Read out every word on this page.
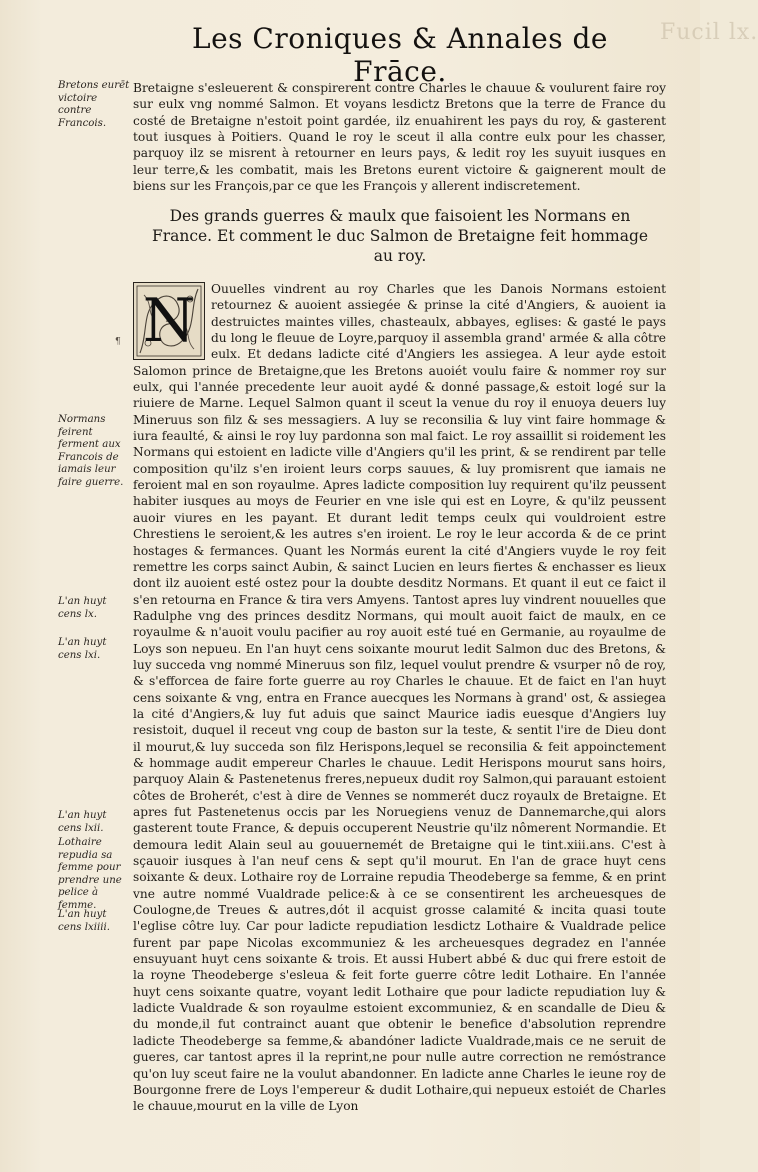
Fucil lx.
Les Croniques & Annales de Frāce.
Bretons eurēt victoire contre Francois.

Bretaigne s'esleuerent & conspirerent contre Charles le chauue & voulurent faire roy sur eulx vng nommé Salmon. Et voyans lesdictz Bretons que la terre de France du costé de Bretaigne n'estoit point gardée, ilz enuahirent les pays du roy, & gasterent tout iusques à Poitiers. Quand le roy le sceut il alla contre eulx pour les chasser, parquoy ilz se misrent à retourner en leurs pays, & ledit roy les suyuit iusques en leur terre,& les combatit, mais les Bretons eurent victoire & gaignerent moult de biens sur les François,par ce que les François y allerent indiscretement.

Des grands guerres & maulx que faisoient les Normans en France. Et comment le duc Salmon de Bretaigne feit hommage au roy.
N	Ouuelles vindrent au roy Charles que les Danois Normans estoient retournez & auoient assiegée & prinse la cité d'Angiers, & auoient ia destruictes maintes villes, chasteaulx, abbayes, eglises: & gasté le pays du long le fleuue de Loyre,parquoy il assembla grand' armée & alla côtre eulx. Et dedans ladicte cité d'Angiers les assiegea. A leur ayde estoit Salomon prince de Bretaigne,que les Bretons auoiét voulu faire & nommer roy sur eulx, qui l'année precedente leur auoit aydé & donné passage,& estoit logé sur la riuiere de Marne. Lequel Salmon quant il sceut la venue du roy il enuoya deuers luy Mineruus son filz & ses messagiers. A luy se reconsilia & luy vint faire hommage & iura feaulté, & ainsi le roy luy pardonna son mal faict. Le roy assaillit si roidement les Normans qui estoient en ladicte ville d'Angiers qu'il les print, & se rendirent par telle composition qu'ilz s'en iroient leurs corps sauues, & luy promisrent que iamais ne feroient mal en son royaulme. Apres ladicte composition luy requirent qu'ilz peussent habiter iusques au moys de Feurier en vne isle qui est en Loyre, & qu'ilz peussent auoir viures en les payant. Et durant ledit temps ceulx qui vouldroient estre Chrestiens le seroient,& les autres s'en iroient. Le roy le leur accorda & de ce print hostages & fermances. Quant les Normás eurent la cité d'Angiers vuyde le roy feit remettre les corps sainct Aubin, & sainct Lucien en leurs fiertes & enchasser es lieux dont ilz auoient esté ostez pour la doubte desditz Normans. Et quant il eut ce faict il s'en retourna en France & tira vers Amyens. Tantost apres luy vindrent nouuelles que Radulphe vng des princes desditz Normans, qui moult auoit faict de maulx, en ce royaulme & n'auoit voulu pacifier au roy auoit esté tué en Germanie, au royaulme de Loys son nepueu. En l'an huyt cens soixante mourut ledit Salmon duc des Bretons, & luy succeda vng nommé Mineruus son filz, lequel voulut prendre & vsurper nô de roy, & s'efforcea de faire forte guerre au roy Charles le chauue. Et de faict en l'an huyt cens soixante & vng, entra en France auecques les Normans à grand' ost, & assiegea la cité d'Angiers,& luy fut aduis que sainct Maurice iadis euesque d'Angiers luy resistoit, duquel il receut vng coup de baston sur la teste, & sentit l'ire de Dieu dont il mourut,& luy succeda son filz Herispons,lequel se reconsilia & feit appoinctement & hommage audit empereur Charles le chauue. Ledit Herispons mourut sans hoirs, parquoy Alain & Pastenetenus freres,nepueux dudit roy Salmon,qui parauant estoient côtes de Broherét, c'est à dire de Vennes se nommerét ducz royaulx de Bretaigne. Et apres fut Pastenetenus occis par les Noruegiens venuz de Dannemarche,qui alors gasterent toute France, & depuis occuperent Neustrie qu'ilz nômerent Normandie. Et demoura ledit Alain seul au gouuernemét de Bretaigne qui le tint.xiii.ans. C'est à sçauoir iusques à l'an neuf cens & sept qu'il mourut. En l'an de grace huyt cens soixante & deux. Lothaire roy de Lorraine repudia Theodeberge sa femme, & en print vne autre nommé Vualdrade pelice:& à ce se consentirent les archeuesques de Coulogne,de Treues & autres,dót il acquist grosse calamité & incita quasi toute l'eglise côtre luy. Car pour ladicte repudiation lesdictz Lothaire & Vualdrade pelice furent par pape Nicolas excommuniez & les archeuesques degradez en l'année ensuyuant huyt cens soixante & trois. Et aussi Hubert abbé & duc qui frere estoit de la royne Theodeberge s'esleua & feit forte guerre côtre ledit Lothaire. En l'année huyt cens soixante quatre, voyant ledit Lothaire que pour ladicte repudiation luy & ladicte Vualdrade & son royaulme estoient excommuniez, & en scandalle de Dieu & du monde,il fut contrainct auant que obtenir le benefice d'absolution reprendre ladicte Theodeberge sa femme,& abandóner ladicte Vualdrade,mais ce ne seruit de gueres, car tantost apres il la reprint,ne pour nulle autre correction ne remóstrance qu'on luy sceut faire ne la voulut abandonner. En ladicte anne Charles le ieune roy de Bourgonne frere de Loys l'empereur & dudit Lothaire,qui nepueux estoiét de Charles le chauue,mourut en la ville de Lyon

¶
Normans feirent ferment aux Francois de iamais leur faire guerre.
L'an huyt cens lx.
L'an huyt cens lxi.
L'an huyt cens lxii.
Lothaire repudia sa femme pour prendre une pelice à femme.
L'an huyt cens lxiiii.
